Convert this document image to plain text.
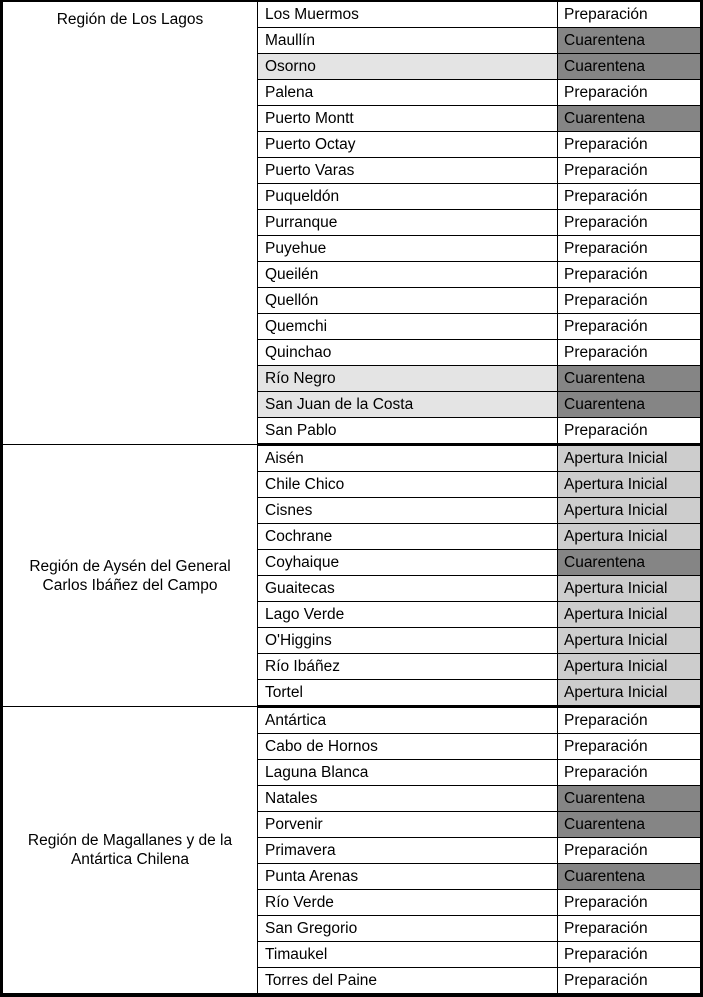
Región de Los Lagos	Los Muermos	Preparación
	Maullín	Cuarentena
	Osorno	Cuarentena
	Palena	Preparación
	Puerto Montt	Cuarentena
	Puerto Octay	Preparación
	Puerto Varas	Preparación
	Puqueldón	Preparación
	Purranque	Preparación
	Puyehue	Preparación
	Queilén	Preparación
	Quellón	Preparación
	Quemchi	Preparación
	Quinchao	Preparación
	Río Negro	Cuarentena
	San Juan de la Costa	Cuarentena
	San Pablo	Preparación
Región de Aysén del General Carlos Ibáñez del Campo	Aisén	Apertura Inicial
	Chile Chico	Apertura Inicial
	Cisnes	Apertura Inicial
	Cochrane	Apertura Inicial
	Coyhaique	Cuarentena
	Guaitecas	Apertura Inicial
	Lago Verde	Apertura Inicial
	O'Higgins	Apertura Inicial
	Río Ibáñez	Apertura Inicial
	Tortel	Apertura Inicial
Región de Magallanes y de la Antártica Chilena	Antártica	Preparación
	Cabo de Hornos	Preparación
	Laguna Blanca	Preparación
	Natales	Cuarentena
	Porvenir	Cuarentena
	Primavera	Preparación
	Punta Arenas	Cuarentena
	Río Verde	Preparación
	San Gregorio	Preparación
	Timaukel	Preparación
	Torres del Paine	Preparación
